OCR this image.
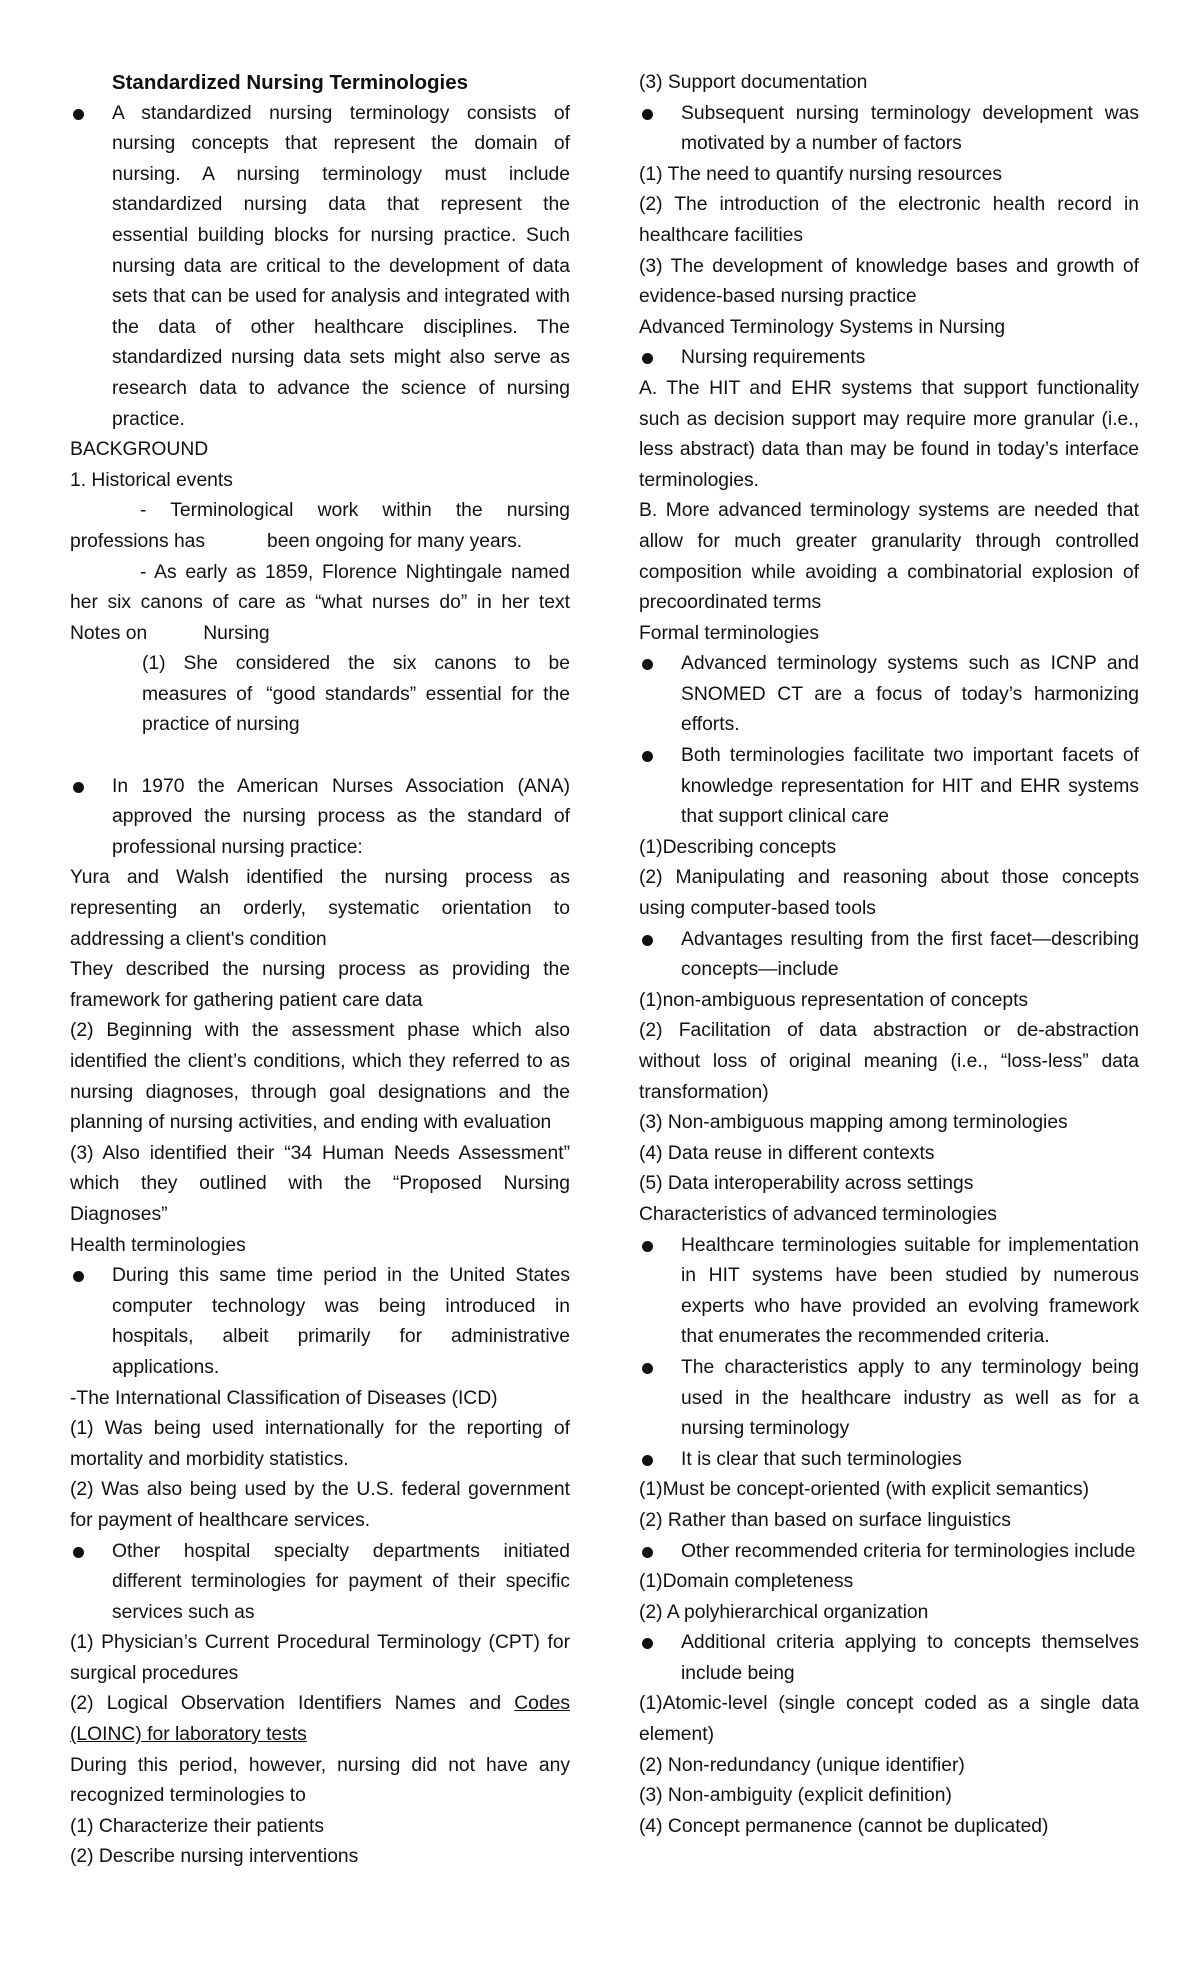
Standardized Nursing Terminologies

A standardized nursing terminology consists of nursing concepts that represent the domain of nursing. A nursing terminology must include standardized nursing data that represent the essential building blocks for nursing practice. Such nursing data are critical to the development of data sets that can be used for analysis and integrated with the data of other healthcare disciplines. The standardized nursing data sets might also serve as research data to advance the science of nursing practice.

BACKGROUND

1. Historical events

- Terminological work within the nursing professions has	been ongoing for many years.

- As early as 1859, Florence Nightingale named her six canons of care as “what nurses do” in her text Notes on	Nursing

(1) She considered the six canons to be measures of “good standards” essential for the practice of nursing

In 1970 the American Nurses Association (ANA) approved the nursing process as the standard of professional nursing practice:

Yura and Walsh identified the nursing process as representing an orderly, systematic orientation to addressing a client's condition

They described the nursing process as providing the framework for gathering patient care data

(2) Beginning with the assessment phase which also identified the client’s conditions, which they referred to as nursing diagnoses, through goal designations and the planning of nursing activities, and ending with evaluation

(3) Also identified their “34 Human Needs Assessment” which they outlined with the “Proposed Nursing Diagnoses”

Health terminologies

During this same time period in the United States computer technology was being introduced in hospitals, albeit primarily for administrative applications.

-The International Classification of Diseases (ICD)

(1) Was being used internationally for the reporting of mortality and morbidity statistics.

(2) Was also being used by the U.S. federal government for payment of healthcare services.

Other hospital specialty departments initiated different terminologies for payment of their specific services such as

(1) Physician’s Current Procedural Terminology (CPT) for surgical procedures

(2) Logical Observation Identifiers Names and Codes (LOINC) for laboratory tests

During this period, however, nursing did not have any recognized terminologies to

(1) Characterize their patients

(2) Describe nursing interventions

(3) Support documentation

Subsequent nursing terminology development was motivated by a number of factors

(1) The need to quantify nursing resources

(2) The introduction of the electronic health record in healthcare facilities

(3) The development of knowledge bases and growth of evidence-based nursing practice

Advanced Terminology Systems in Nursing

Nursing requirements

A. The HIT and EHR systems that support functionality such as decision support may require more granular (i.e., less abstract) data than may be found in today’s interface terminologies.

B. More advanced terminology systems are needed that allow for much greater granularity through controlled composition while avoiding a combinatorial explosion of precoordinated terms

Formal terminologies

Advanced terminology systems such as ICNP and SNOMED CT are a focus of today’s harmonizing efforts.

Both terminologies facilitate two important facets of knowledge representation for HIT and EHR systems that support clinical care

(1)Describing concepts

(2) Manipulating and reasoning about those concepts using computer-based tools

Advantages resulting from the first facet—describing concepts—include

(1)non-ambiguous representation of concepts

(2) Facilitation of data abstraction or de-abstraction without loss of original meaning (i.e., “loss-less” data transformation)

(3) Non-ambiguous mapping among terminologies

(4) Data reuse in different contexts

(5) Data interoperability across settings

Characteristics of advanced terminologies

Healthcare terminologies suitable for implementation in HIT systems have been studied by numerous experts who have provided an evolving framework that enumerates the recommended criteria.

The characteristics apply to any terminology being used in the healthcare industry as well as for a nursing terminology

It is clear that such terminologies

(1)Must be concept-oriented (with explicit semantics)

(2) Rather than based on surface linguistics

Other recommended criteria for terminologies include

(1)Domain completeness

(2) A polyhierarchical organization

Additional criteria applying to concepts themselves include being

(1)Atomic-level (single concept coded as a single data element)

(2) Non-redundancy (unique identifier)

(3) Non-ambiguity (explicit definition)

(4) Concept permanence (cannot be duplicated)
